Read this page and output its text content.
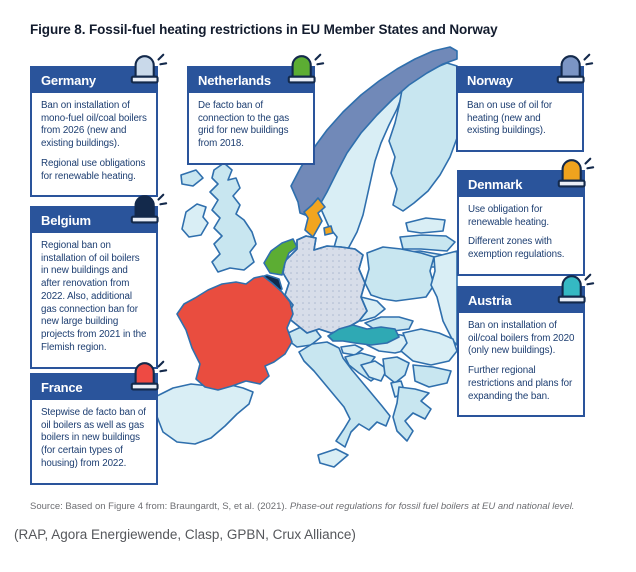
Figure 8. Fossil-fuel heating restrictions in EU Member States and Norway
Germany

Ban on installation of mono-fuel oil/coal boilers from 2026 (new and existing buildings).

Regional use obligations for renewable heating.

Netherlands

De facto ban of connection to the gas grid for new buildings from 2018.

Norway

Ban on use of oil for heating (new and existing buildings).

Belgium

Regional ban on installation of oil boilers in new buildings and after renovation from 2022. Also, additional gas connection ban for new large building projects from 2021 in the Flemish region.

Denmark

Use obligation for renewable heating.

Different zones with exemption regulations.

Austria

Ban on installation of oil/coal boilers from 2020 (only new buildings).

Further regional restrictions and plans for expanding the ban.

France

Stepwise de facto ban of oil boilers as well as gas boilers in new buildings (for certain types of housing) from 2022.

Source: Based on Figure 4 from: Braungardt, S, et al. (2021). Phase-out regulations for fossil fuel boilers at EU and national level.

(RAP, Agora Energiewende, Clasp, GPBN, Crux Alliance)
